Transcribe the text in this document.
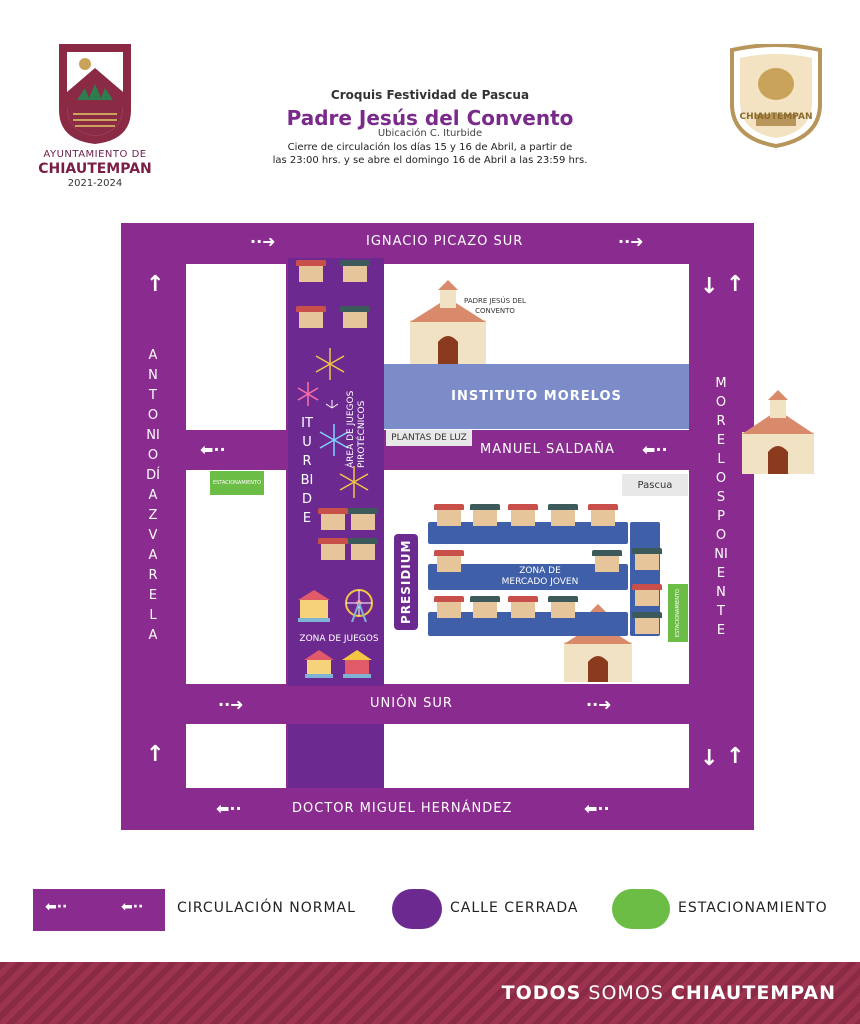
AYUNTAMIENTO DE
CHIAUTEMPAN
2021-2024
CHIAUTEMPAN
Croquis Festividad de Pascua
Padre Jesús del Convento
Ubicación C. Iturbide
Cierre de circulación los días 15 y 16 de Abril, a partir de
las 23:00 hrs. y se abre el domingo 16 de Abril a las 23:59 hrs.
IGNACIO PICAZO SUR
MANUEL SALDAÑA
UNIÓN SUR
DOCTOR MIGUEL HERNÁNDEZ
ANTONIO DÍAZ VARELA
MORELOS PONIENTE
ITURBIDE
··➜	··➜
⬅··	⬅··
··➜	··➜
⬅··	⬅··
↑
↑
↓ ↑
↓ ↑
PADRE JESÚS DEL CONVENTO
INSTITUTO MORELOS
PLANTAS DE LUZ
Pascua
ESTACIONAMIENTO
ESTACIONAMIENTO
ÁREA DE JUEGOS PIROTÉCNICOS
ZONA DE JUEGOS
PRESIDIUM	ZONA DE
MERCADO JOVEN
⬅··	⬅·· CIRCULACIÓN NORMAL	CALLE CERRADA	ESTACIONAMIENTO
TODOS SOMOS CHIAUTEMPAN
